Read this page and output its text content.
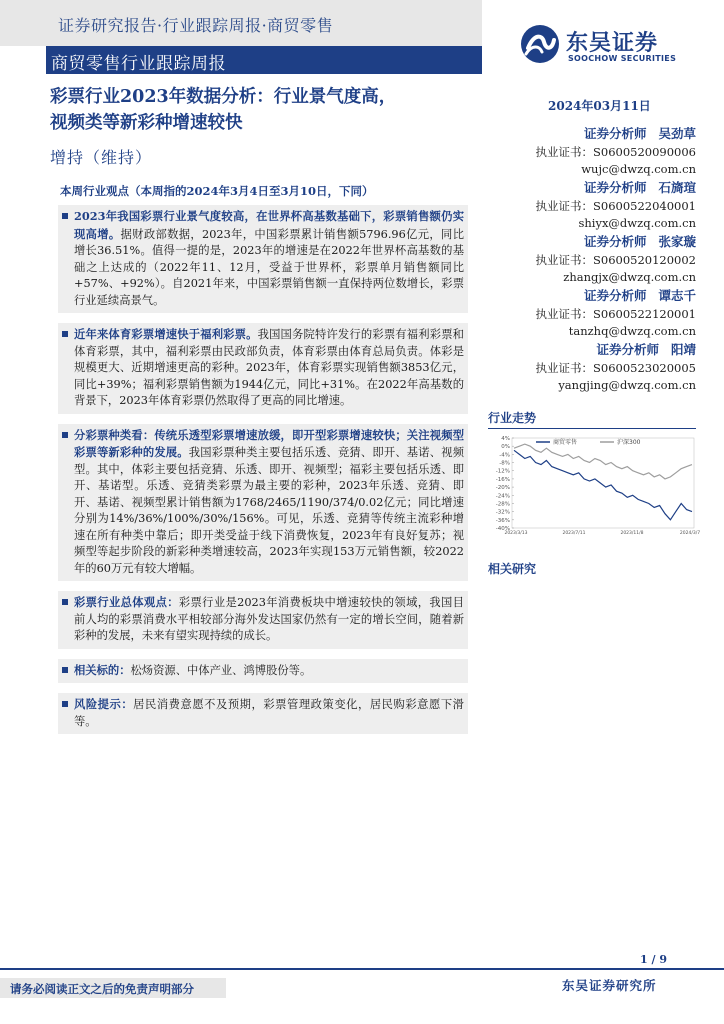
证券研究报告·行业跟踪周报·商贸零售
商贸零售行业跟踪周报
东吴证券
SOOCHOW SECURITIES
彩票行业2023年数据分析：行业景气度高，
视频类等新彩种增速较快
增持（维持）
2024年03月11日
证券分析师 吴劲草
执业证书：S0600520090006
wujc@dwzq.com.cn
证券分析师 石旖瑄
执业证书：S0600522040001
shiyx@dwzq.com.cn
证券分析师 张家璇
执业证书：S0600520120002
zhangjx@dwzq.com.cn
证券分析师 谭志千
执业证书：S0600522120001
tanzhq@dwzq.com.cn
证券分析师 阳靖
执业证书：S0600523020005
yangjing@dwzq.com.cn
本周行业观点（本周指的2024年3月4日至3月10日，下同）
2023年我国彩票行业景气度较高，在世界杯高基数基础下，彩票销售额仍实现高增。据财政部数据，2023年，中国彩票累计销售额5796.96亿元，同比增长36.51%。值得一提的是，2023年的增速是在2022年世界杯高基数的基础之上达成的（2022年11、12月，受益于世界杯，彩票单月销售额同比+57%、+92%）。自2021年来，中国彩票销售额一直保持两位数增长，彩票行业延续高景气。
近年来体育彩票增速快于福利彩票。我国国务院特许发行的彩票有福利彩票和体育彩票，其中，福利彩票由民政部负责，体育彩票由体育总局负责。体彩是规模更大、近期增速更高的彩种。2023年，体育彩票实现销售额3853亿元，同比+39%；福利彩票销售额为1944亿元，同比+31%。在2022年高基数的背景下，2023年体育彩票仍然取得了更高的同比增速。
分彩票种类看：传统乐透型彩票增速放缓，即开型彩票增速较快；关注视频型彩票等新彩种的发展。我国彩票种类主要包括乐透、竞猜、即开、基诺、视频型。其中，体彩主要包括竞猜、乐透、即开、视频型；福彩主要包括乐透、即开、基诺型。乐透、竞猜类彩票为最主要的彩种，2023年乐透、竞猜、即开、基诺、视频型累计销售额为1768/2465/1190/374/0.02亿元；同比增速分别为14%/36%/100%/30%/156%。可见，乐透、竞猜等传统主流彩种增速在所有种类中靠后；即开类受益于线下消费恢复，2023年有良好复苏；视频型等起步阶段的新彩种类增速较高，2023年实现153万元销售额，较2022年的60万元有较大增幅。
彩票行业总体观点：彩票行业是2023年消费板块中增速较快的领域，我国目前人均的彩票消费水平相较部分海外发达国家仍然有一定的增长空间，随着新彩种的发展，未来有望实现持续的成长。
相关标的：松炀资源、中体产业、鸿博股份等。
风险提示：居民消费意愿不及预期，彩票管理政策变化，居民购彩意愿下滑等。
行业走势
4%
0%
-4%
-8%
-12%
-16%
-20%
-24%
-28%
-32%
-36%
-40%
2023/3/13	2023/7/11	2023/11/8	2024/3/7
商贸零售	沪深300
相关研究
1 / 9
请务必阅读正文之后的免责声明部分	东吴证券研究所
